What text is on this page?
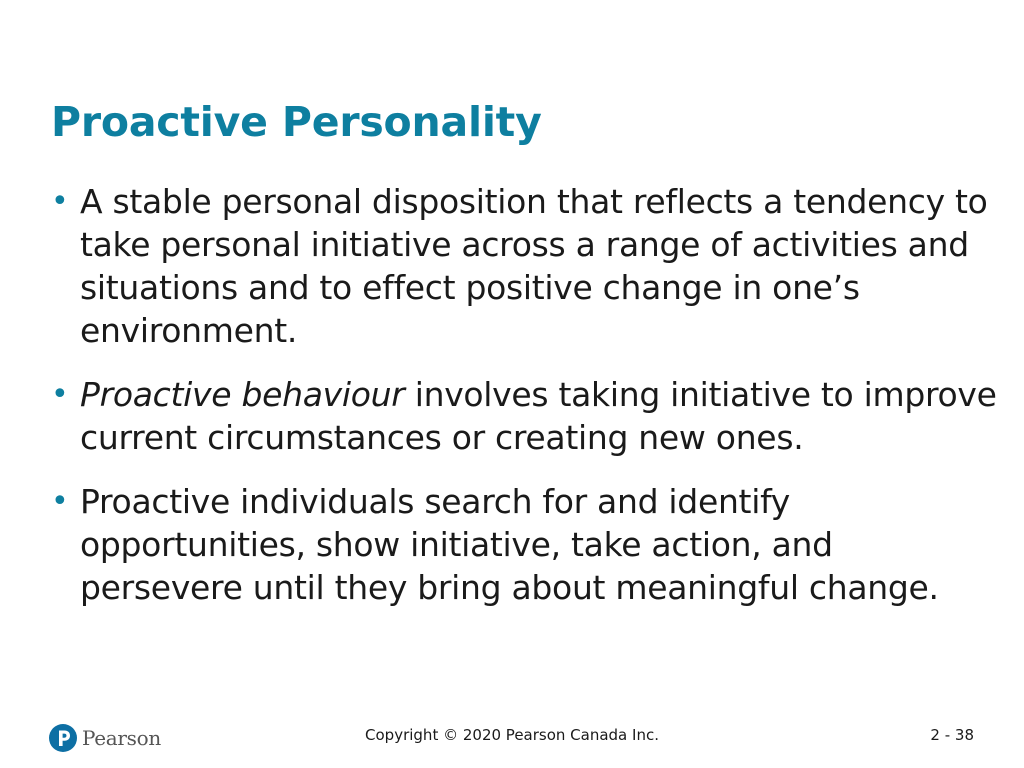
Proactive Personality
• A stable personal disposition that reflects a tendency to take personal initiative across a range of activities and situations and to effect positive change in one’s environment.
• Proactive behaviour involves taking initiative to improve current circumstances or creating new ones.
• Proactive individuals search for and identify opportunities, show initiative, take action, and persevere until they bring about meaningful change.
Pearson	Copyright © 2020 Pearson Canada Inc.	2 - 38
